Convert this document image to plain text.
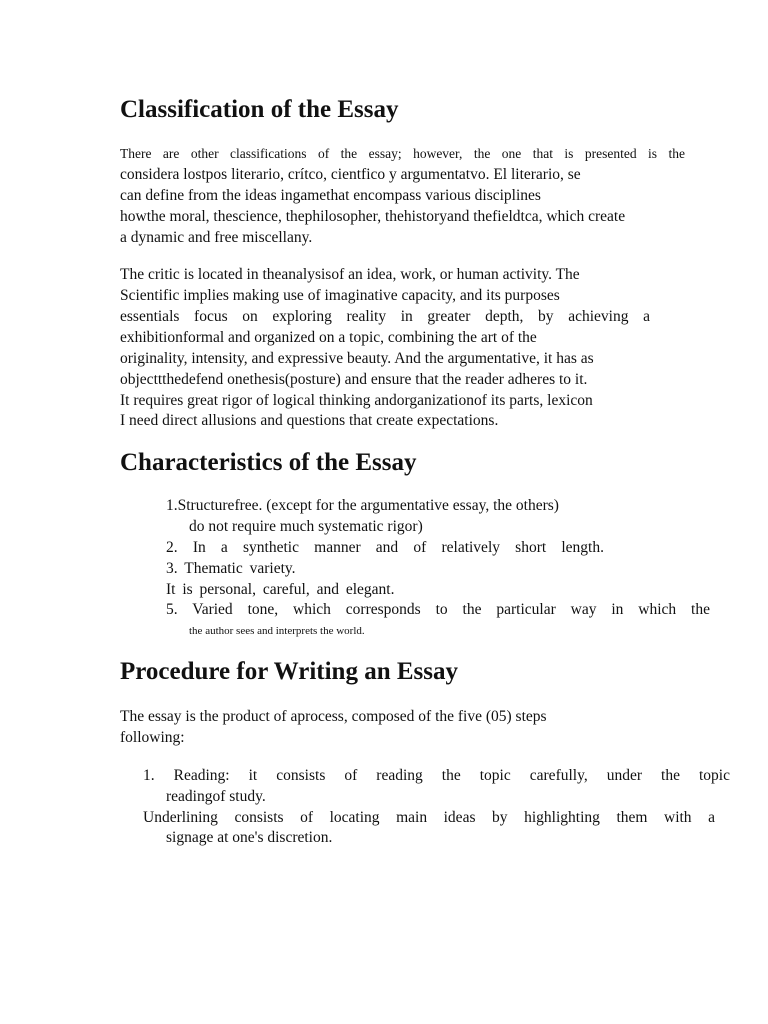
Classification of the Essay

There are other classifications of the essay; however, the one that is presented is the

considera lostpos literario, crítco, cientfico y argumentatvo. El literario, se

can define from the ideas ingamethat encompass various disciplines

howthe moral, thescience, thephilosopher, thehistoryand thefieldtca, which create

a dynamic and free miscellany.

The critic is located in theanalysisof an idea, work, or human activity. The

Scientific implies making use of imaginative capacity, and its purposes

essentials focus on exploring reality in greater depth, by achieving a

exhibitionformal and organized on a topic, combining the art of the

originality, intensity, and expressive beauty. And the argumentative, it has as

objecttthedefend onethesis(posture) and ensure that the reader adheres to it.

It requires great rigor of logical thinking andorganizationof its parts, lexicon

I need direct allusions and questions that create expectations.

Characteristics of the Essay

1.Structurefree. (except for the argumentative essay, the others)

do not require much systematic rigor)

2. In a synthetic manner and of relatively short length.

3. Thematic variety.

It is personal, careful, and elegant.

5. Varied tone, which corresponds to the particular way in which the

the author sees and interprets the world.

Procedure for Writing an Essay

The essay is the product of aprocess, composed of the five (05) steps

following:

1. Reading: it consists of reading the topic carefully, under the topic

readingof study.

Underlining consists of locating main ideas by highlighting them with a

signage at one's discretion.
